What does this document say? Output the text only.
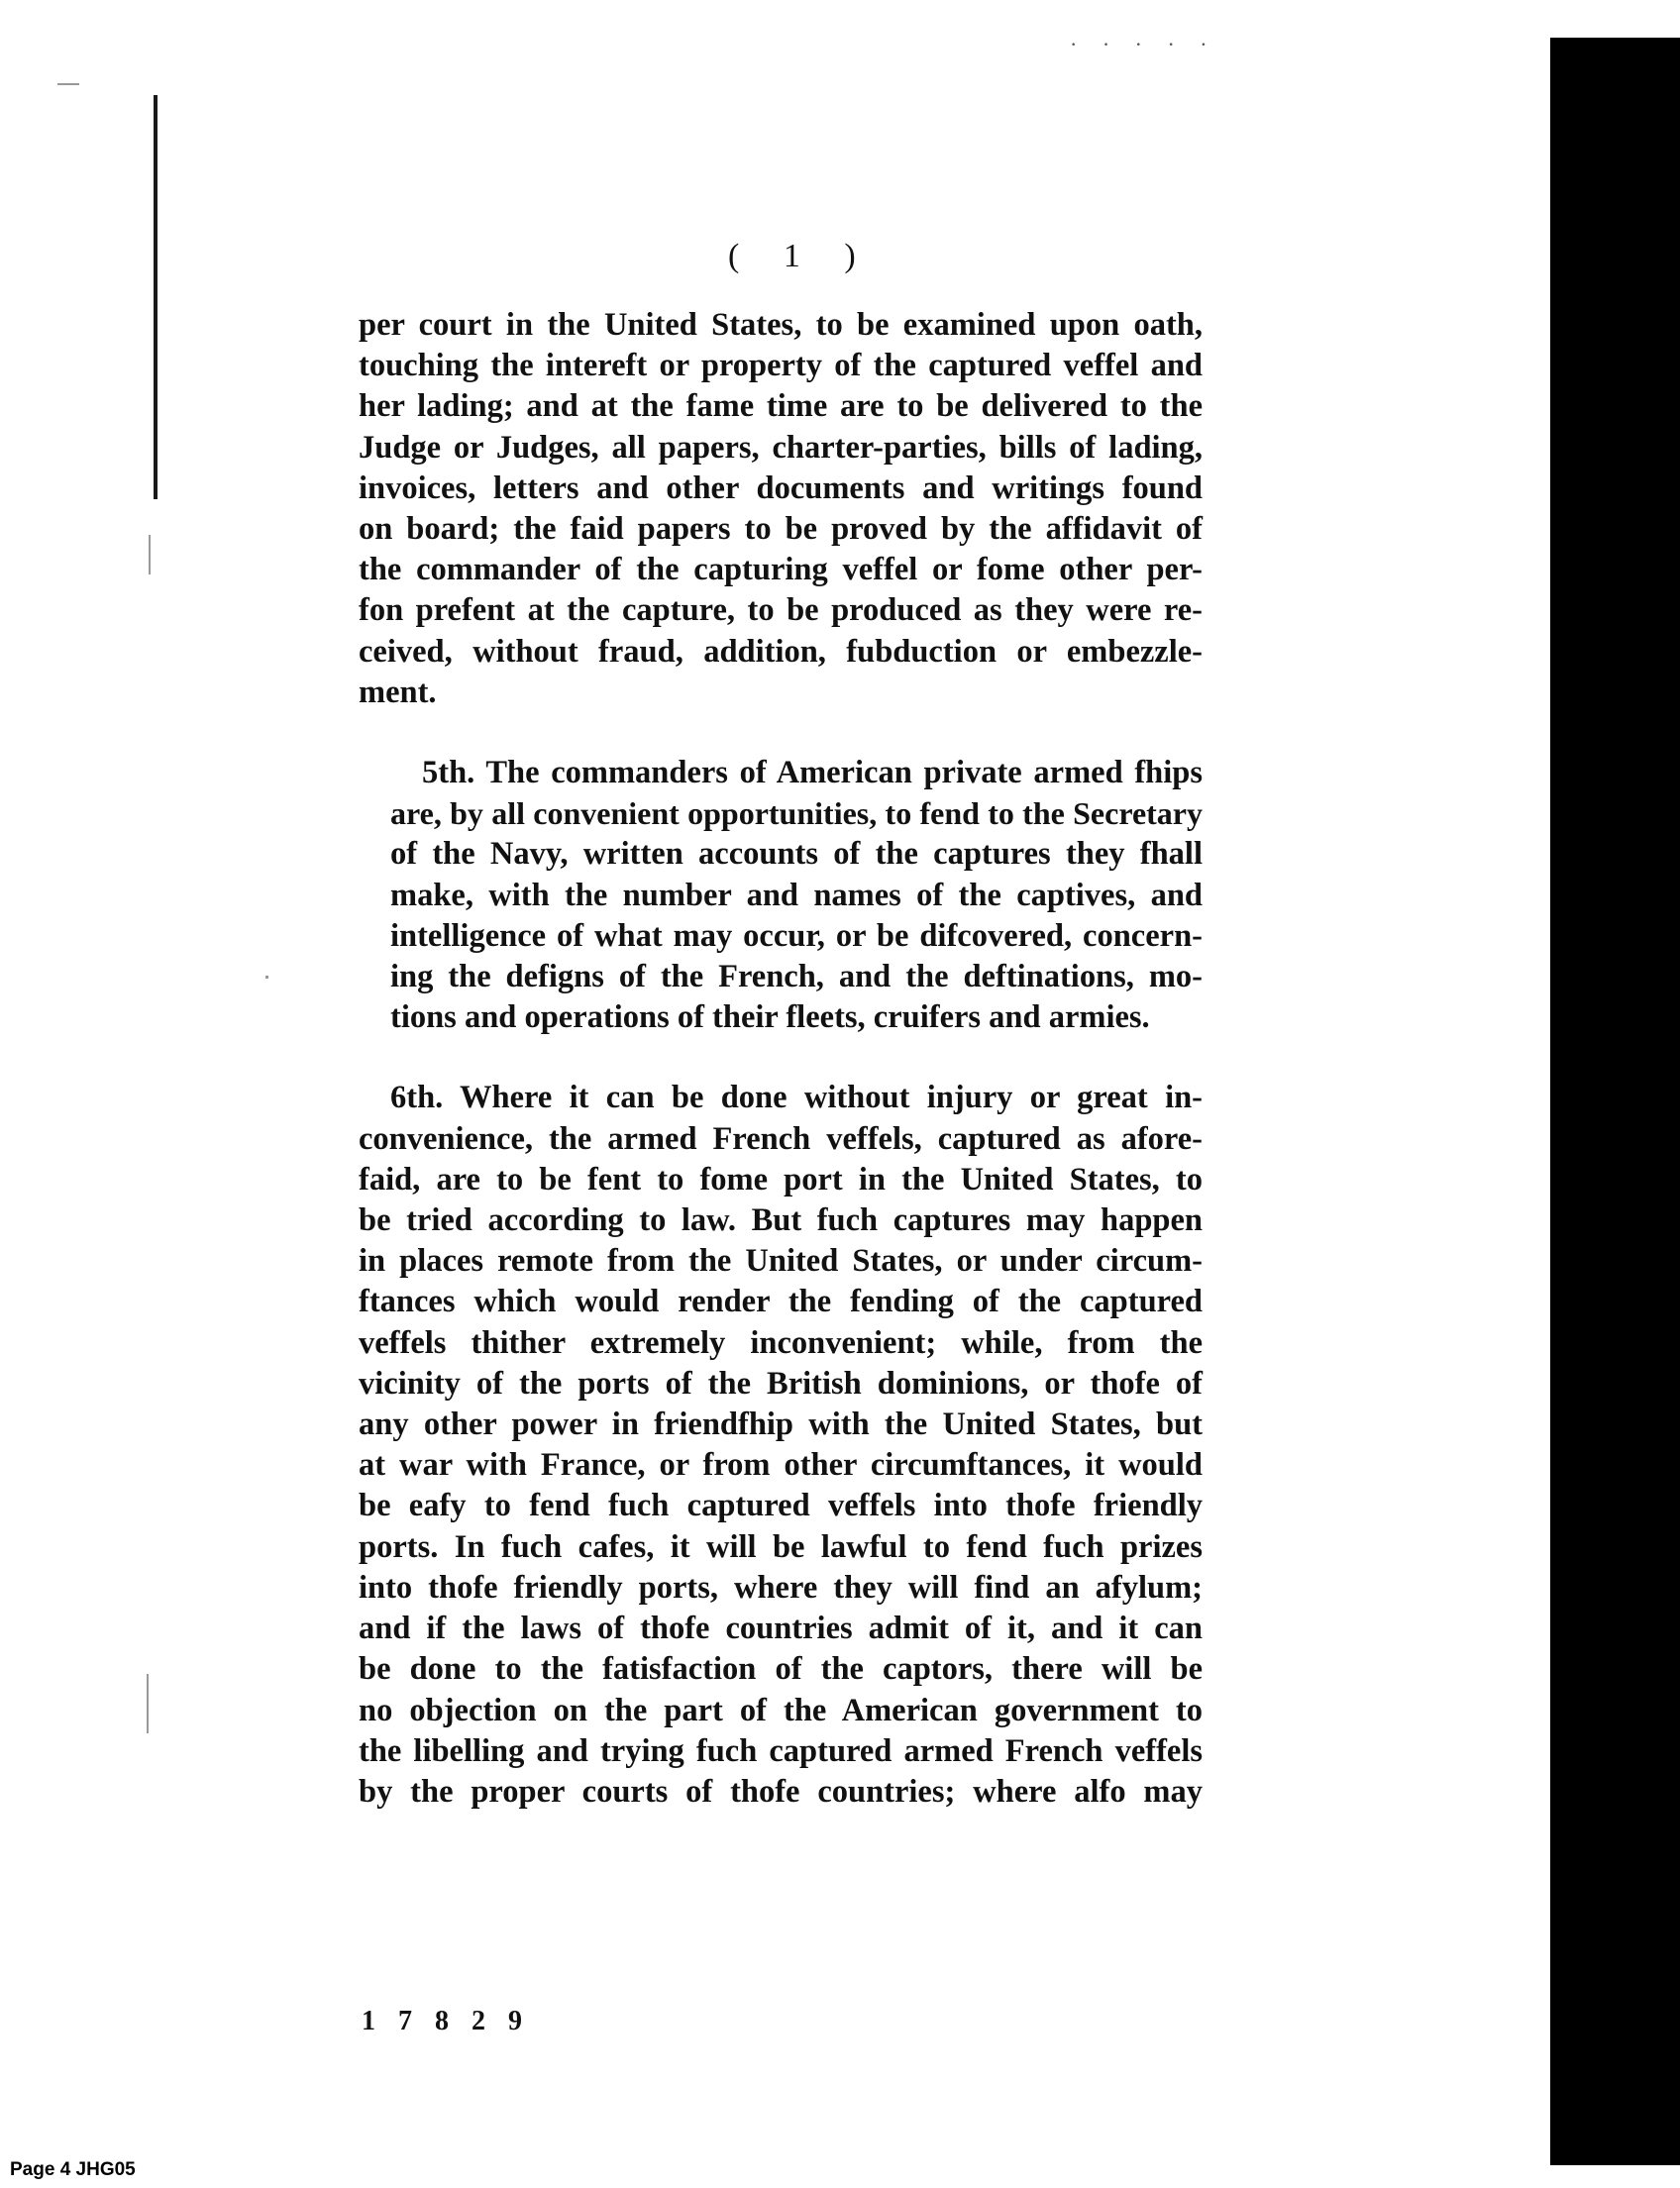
· · · · ·
( 1 )

per court in the United States, to be examined upon oath,
touching the intereft or property of the captured veffel and
her lading; and at the fame time are to be delivered to the
Judge or Judges, all papers, charter-parties, bills of lading,
invoices, letters and other documents and writings found
on board; the faid papers to be proved by the affidavit of
the commander of the capturing veffel or fome other per-
fon prefent at the capture, to be produced as they were re-
ceived, without fraud, addition, fubduction or embezzle-
ment.

5th. The commanders of American private armed fhips
are, by all convenient opportunities, to fend to the Secretary
of the Navy, written accounts of the captures they fhall
make, with the number and names of the captives, and
intelligence of what may occur, or be difcovered, concern-
ing the defigns of the French, and the deftinations, mo-
tions and operations of their fleets, cruifers and armies.

6th. Where it can be done without injury or great in-
convenience, the armed French veffels, captured as afore-
faid, are to be fent to fome port in the United States, to
be tried according to law. But fuch captures may happen
in places remote from the United States, or under circum-
ftances which would render the fending of the captured
veffels thither extremely inconvenient; while, from the
vicinity of the ports of the British dominions, or thofe of
any other power in friendfhip with the United States, but
at war with France, or from other circumftances, it would
be eafy to fend fuch captured veffels into thofe friendly
ports. In fuch cafes, it will be lawful to fend fuch prizes
into thofe friendly ports, where they will find an afylum;
and if the laws of thofe countries admit of it, and it can
be done to the fatisfaction of the captors, there will be
no objection on the part of the American government to
the libelling and trying fuch captured armed French veffels
by the proper courts of thofe countries; where alfo may

1 7 8 2 9
Page 4 JHG05
